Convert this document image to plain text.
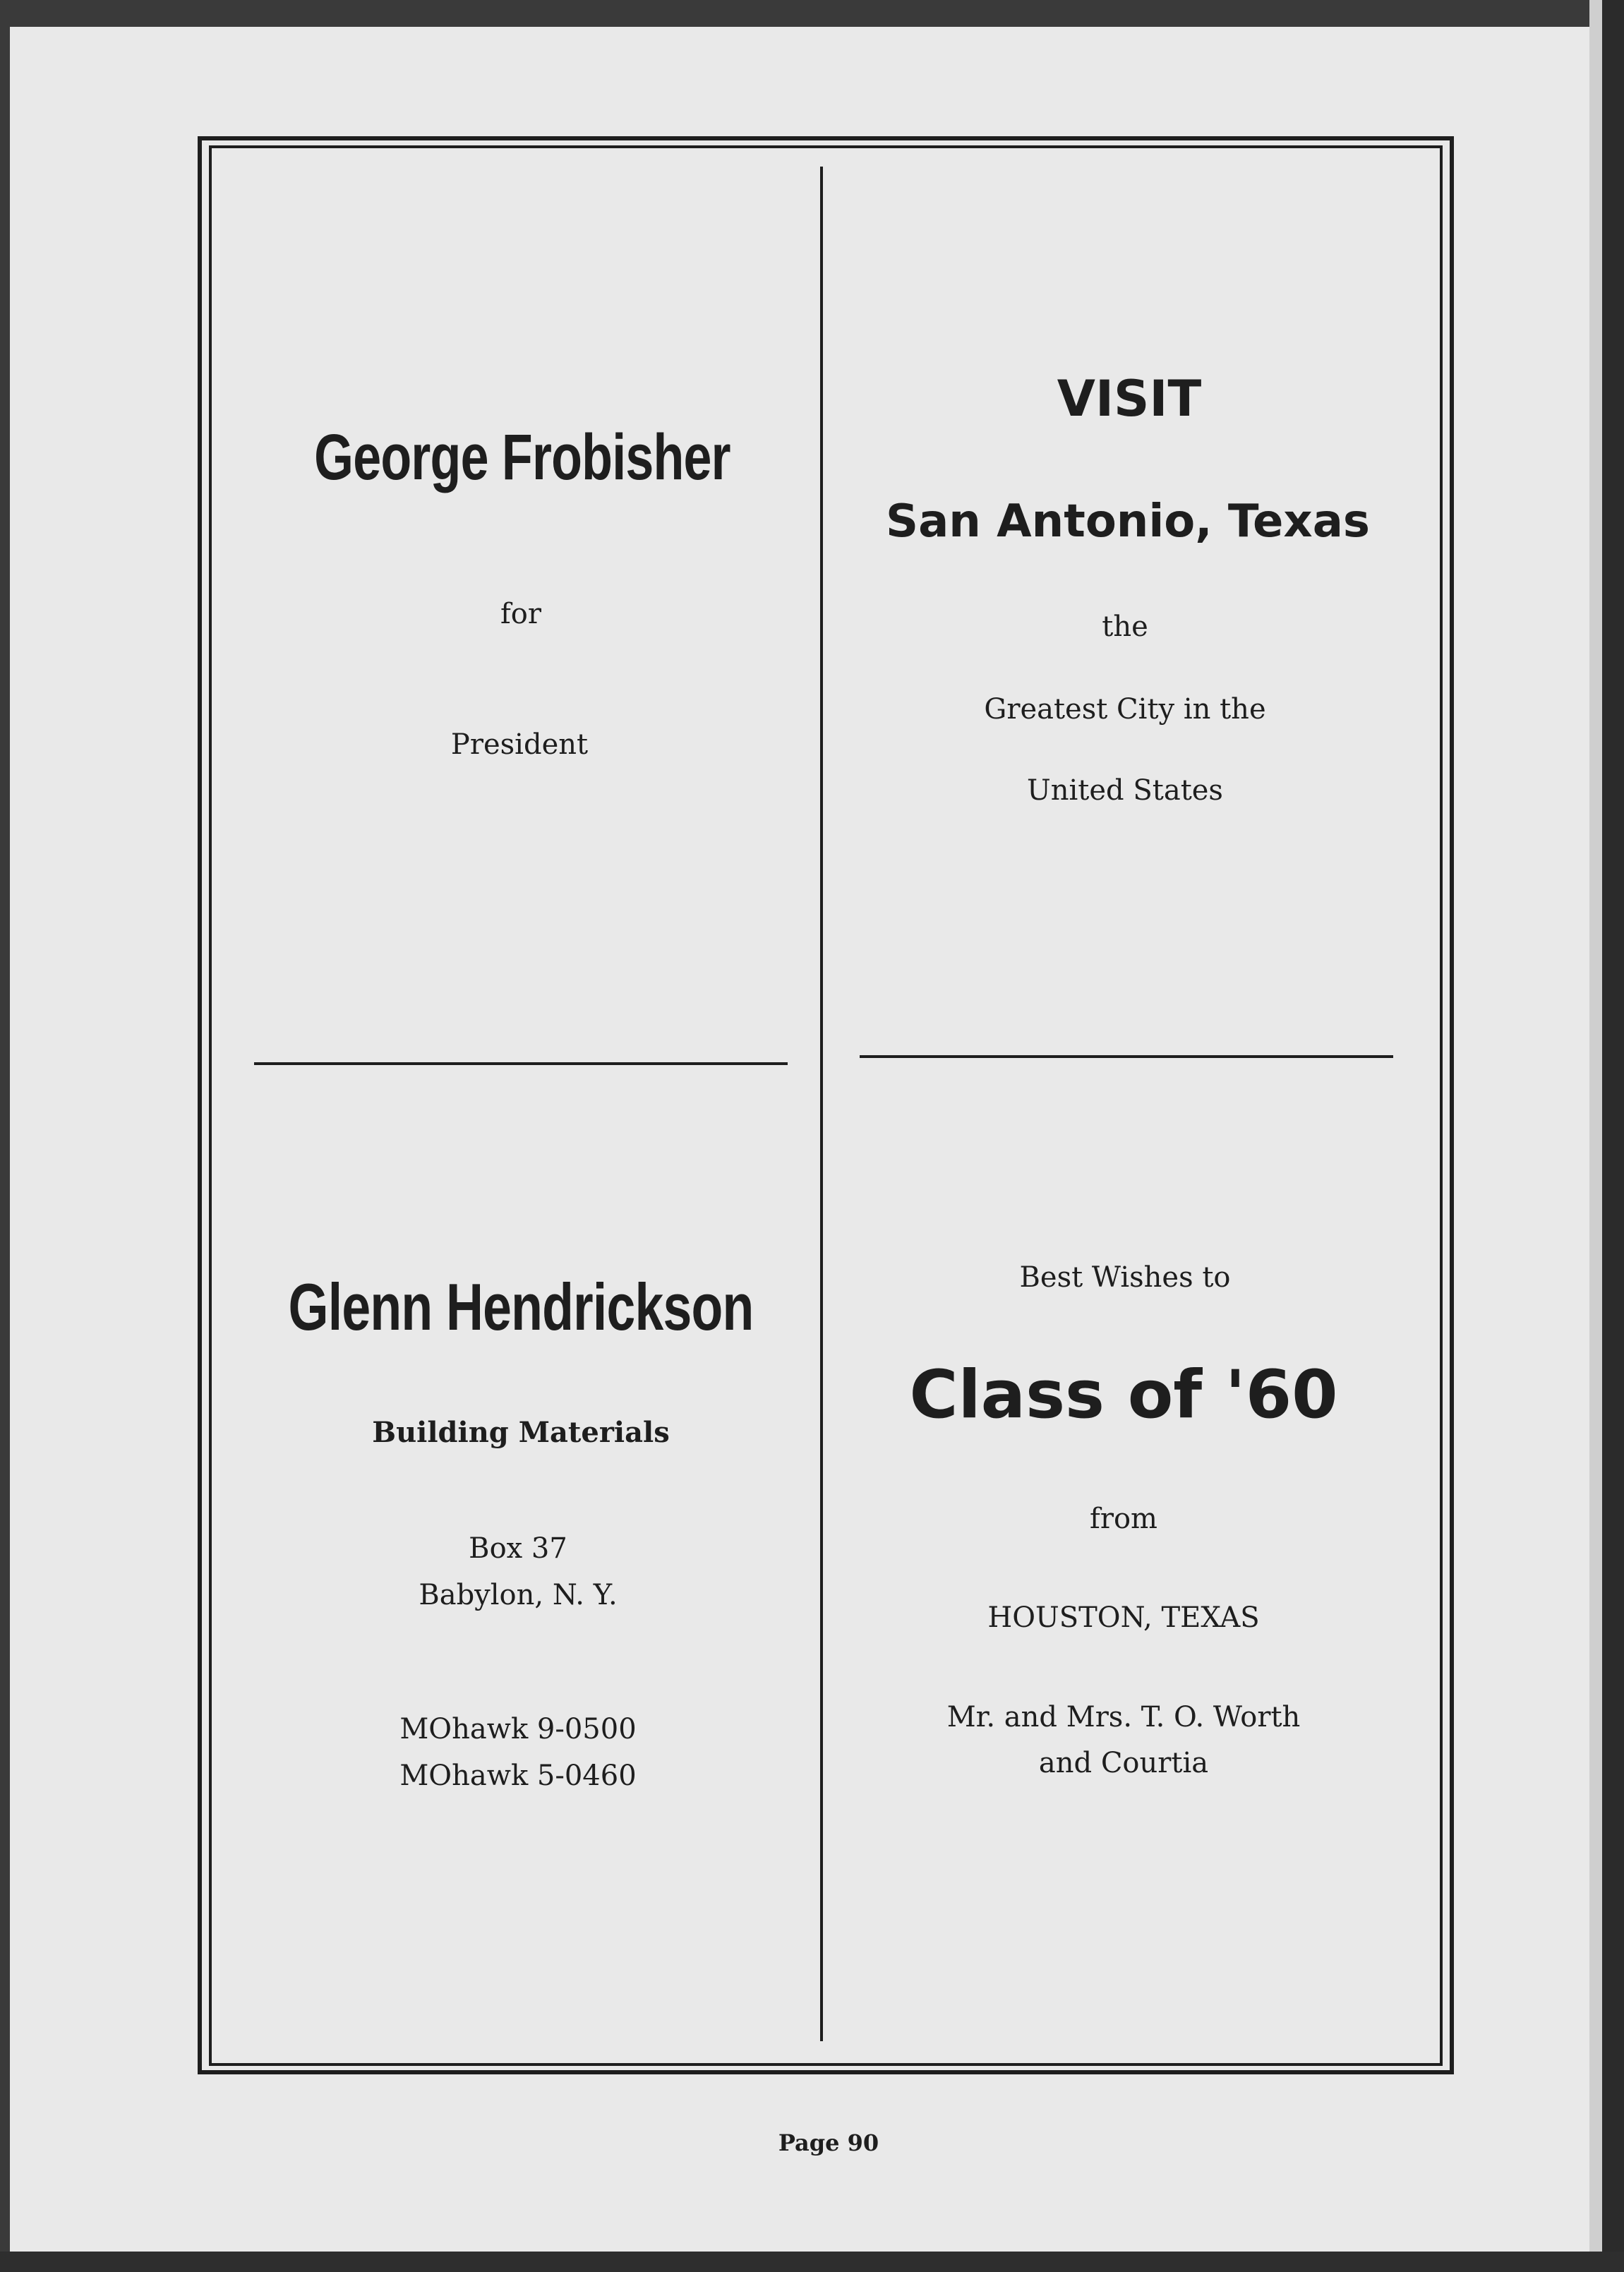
George Frobisher
for
President
VISIT
San Antonio, Texas
the
Greatest City in the
United States
Glenn Hendrickson
Building Materials
Box 37
Babylon, N. Y.
MOhawk 9-0500
MOhawk 5-0460
Best Wishes to
Class of '60
from
HOUSTON, TEXAS
Mr. and Mrs. T. O. Worth
and Courtia
Page 90
